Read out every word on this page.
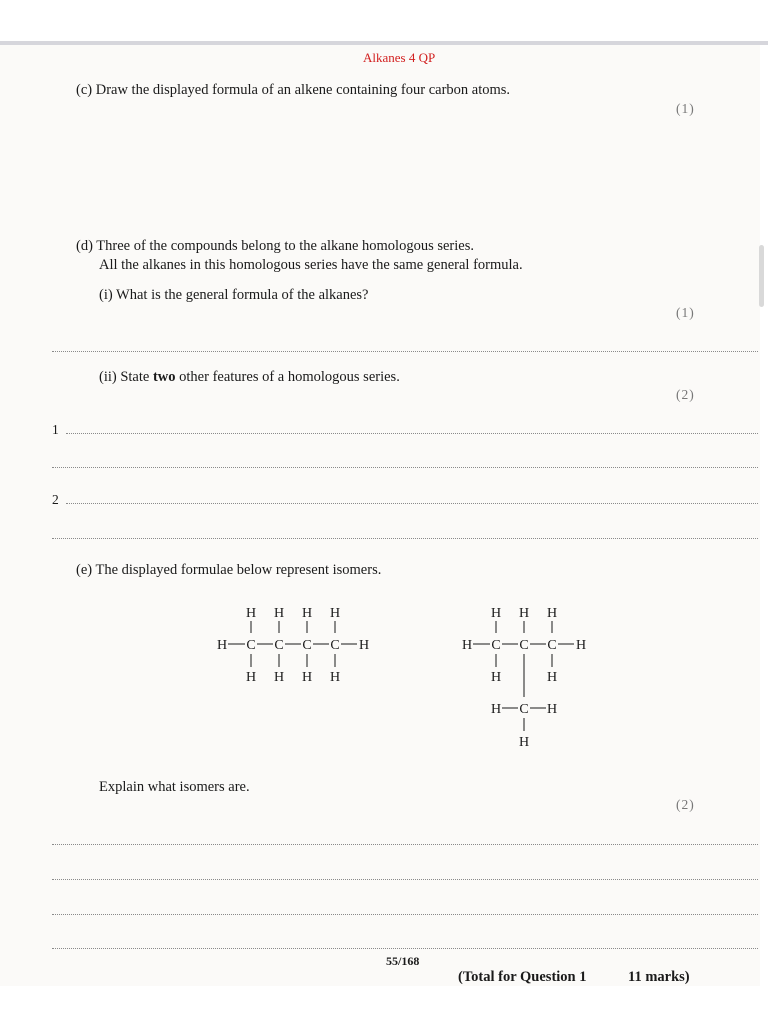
Alkanes 4 QP
(c) Draw the displayed formula of an alkene containing four carbon atoms.
(1)
(d) Three of the compounds belong to the alkane homologous series.
All the alkanes in this homologous series have the same general formula.
(i) What is the general formula of the alkanes?
(1)
(ii) State two other features of a homologous series.
(2)
1
2
(e) The displayed formulae below represent isomers.
H H H H
H C C C C H
H H H H
H H H
H C C C H
H	H
H C H
H
Explain what isomers are.
(2)
55/168
(Total for Question 1	11 marks)
